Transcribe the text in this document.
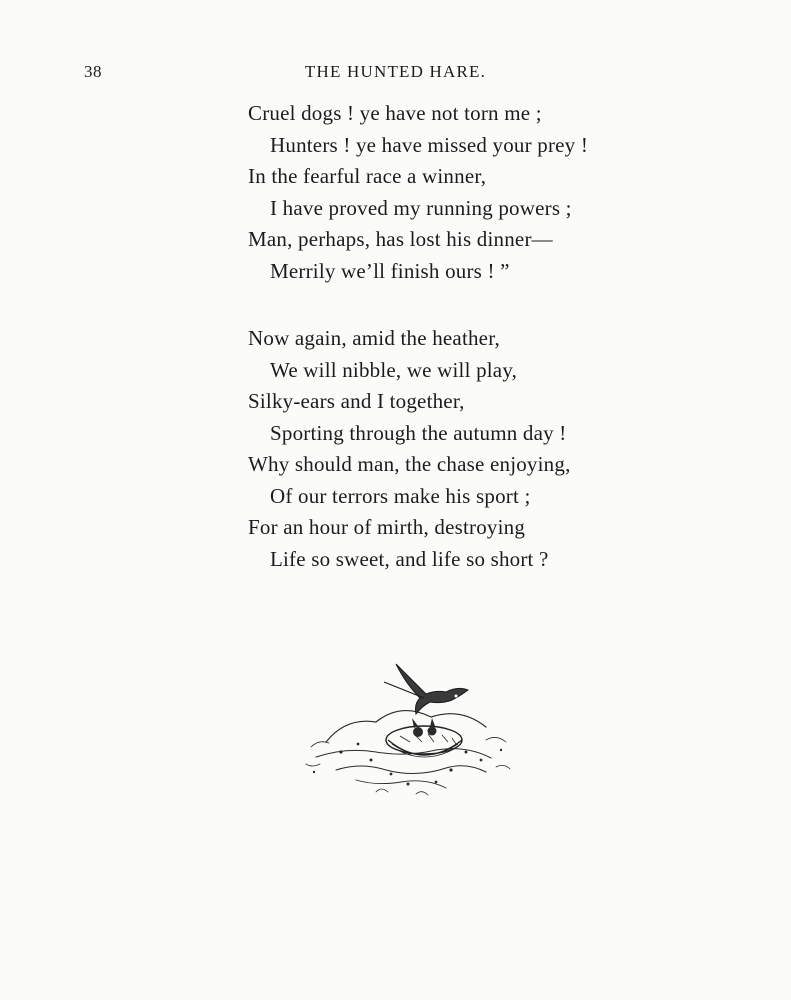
38	THE HUNTED HARE.
Cruel dogs ! ye have not torn me ;
Hunters ! ye have missed your prey !
In the fearful race a winner,
I have proved my running powers ;
Man, perhaps, has lost his dinner—
Merrily we’ll finish ours ! ”
Now again, amid the heather,
We will nibble, we will play,
Silky-ears and I together,
Sporting through the autumn day !
Why should man, the chase enjoying,
Of our terrors make his sport ;
For an hour of mirth, destroying
Life so sweet, and life so short ?
